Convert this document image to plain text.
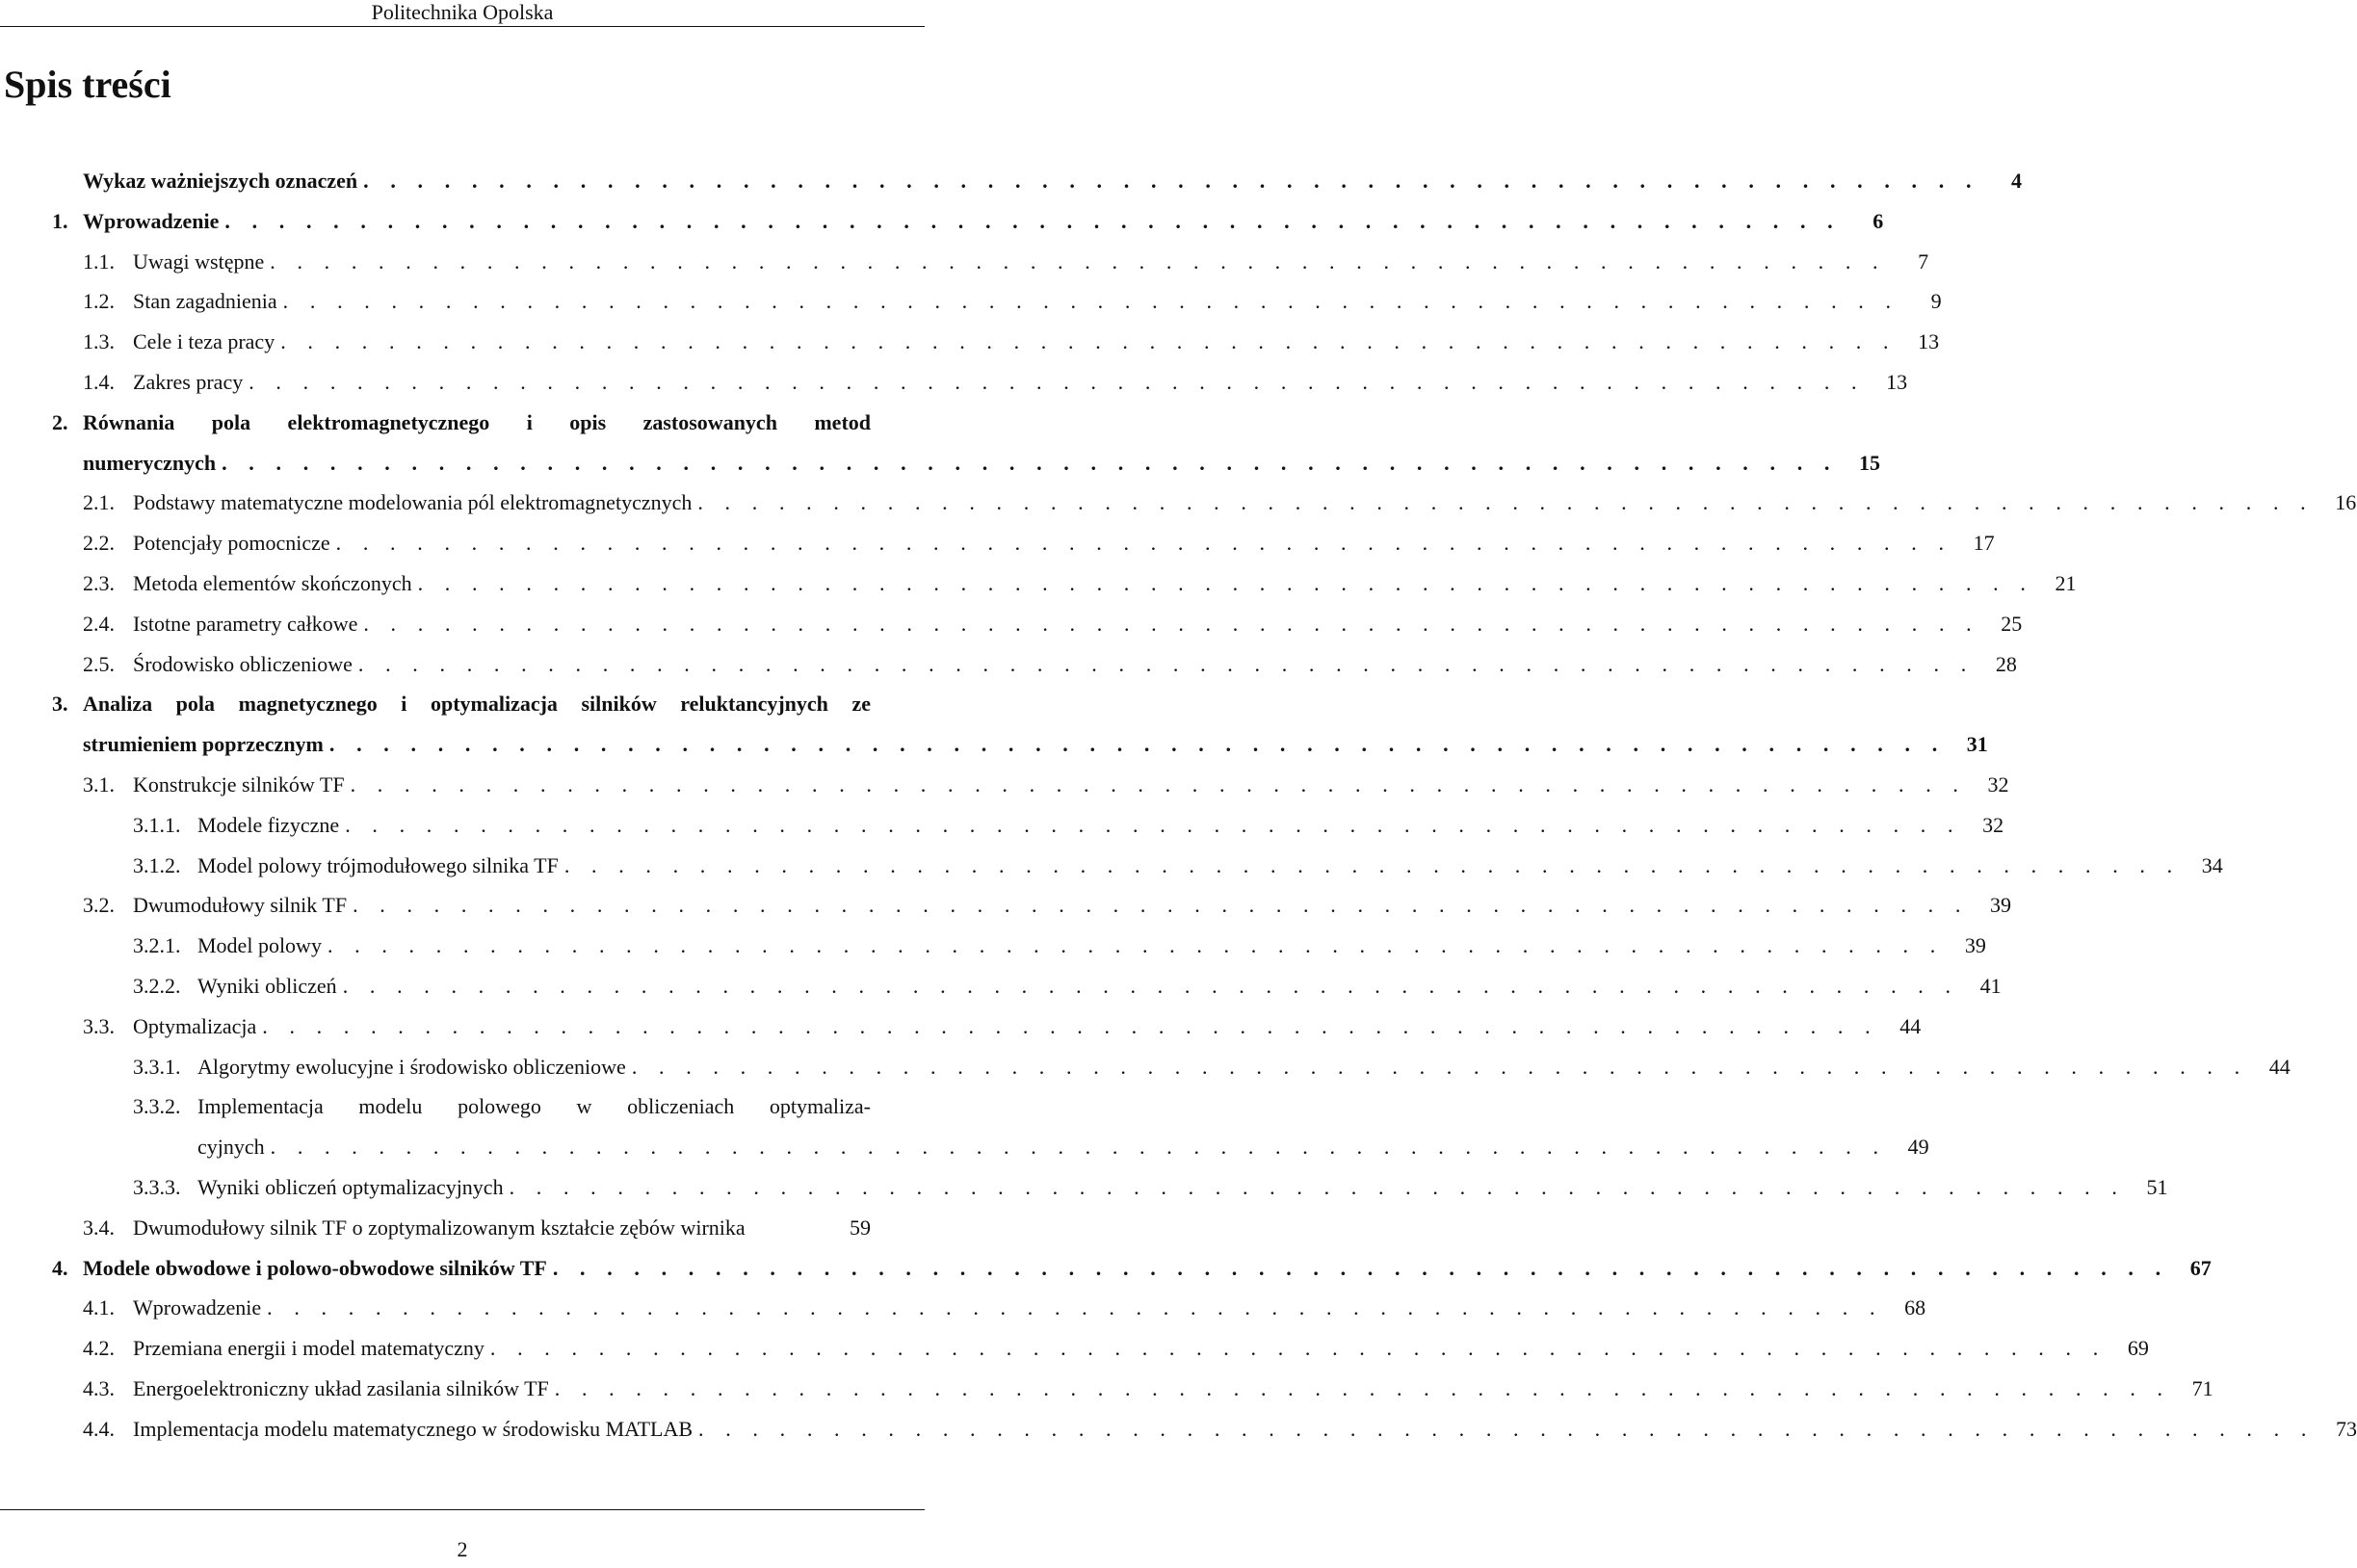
Politechnika Opolska
Spis treści
Wykaz ważniejszych oznaczeń . . . . . . . . . . . . . . . . . . . . . . . . . . . . . . . . . . . . . . . . . . . . . . . . . . . . . . . . . . . .	4
1. Wprowadzenie . . . . . . . . . . . . . . . . . . . . . . . . . . . . . . . . . . . . . . . . . . . . . . . . . . . . . . . . . . . .	6
1.1. Uwagi wstępne . . . . . . . . . . . . . . . . . . . . . . . . . . . . . . . . . . . . . . . . . . . . . . . . . . . . . . . . . . . .	7
1.2. Stan zagadnienia . . . . . . . . . . . . . . . . . . . . . . . . . . . . . . . . . . . . . . . . . . . . . . . . . . . . . . . . . . . .	9
1.3. Cele i teza pracy . . . . . . . . . . . . . . . . . . . . . . . . . . . . . . . . . . . . . . . . . . . . . . . . . . . . . . . . . . . .	13
1.4. Zakres pracy . . . . . . . . . . . . . . . . . . . . . . . . . . . . . . . . . . . . . . . . . . . . . . . . . . . . . . . . . . . .	13
2. Równania pola elektromagnetycznego i opis zastosowanych metod
numerycznych . . . . . . . . . . . . . . . . . . . . . . . . . . . . . . . . . . . . . . . . . . . . . . . . . . . . . . . . . . . .	15
2.1. Podstawy matematyczne modelowania pól elektromagnetycznych . . . . . . . . . . . . . . . . . . . . . . . . . . . . . . . . . . . . . . . . . . . . . . . . . . . . . . . . . . . .	16
2.2. Potencjały pomocnicze . . . . . . . . . . . . . . . . . . . . . . . . . . . . . . . . . . . . . . . . . . . . . . . . . . . . . . . . . . . .	17
2.3. Metoda elementów skończonych . . . . . . . . . . . . . . . . . . . . . . . . . . . . . . . . . . . . . . . . . . . . . . . . . . . . . . . . . . . .	21
2.4. Istotne parametry całkowe . . . . . . . . . . . . . . . . . . . . . . . . . . . . . . . . . . . . . . . . . . . . . . . . . . . . . . . . . . . .	25
2.5. Środowisko obliczeniowe . . . . . . . . . . . . . . . . . . . . . . . . . . . . . . . . . . . . . . . . . . . . . . . . . . . . . . . . . . . .	28
3. Analiza pola magnetycznego i optymalizacja silników reluktancyjnych ze
strumieniem poprzecznym . . . . . . . . . . . . . . . . . . . . . . . . . . . . . . . . . . . . . . . . . . . . . . . . . . . . . . . . . . . .	31
3.1. Konstrukcje silników TF . . . . . . . . . . . . . . . . . . . . . . . . . . . . . . . . . . . . . . . . . . . . . . . . . . . . . . . . . . . .	32
3.1.1. Modele fizyczne . . . . . . . . . . . . . . . . . . . . . . . . . . . . . . . . . . . . . . . . . . . . . . . . . . . . . . . . . . . .	32
3.1.2. Model polowy trójmodułowego silnika TF . . . . . . . . . . . . . . . . . . . . . . . . . . . . . . . . . . . . . . . . . . . . . . . . . . . . . . . . . . . .	34
3.2. Dwumodułowy silnik TF . . . . . . . . . . . . . . . . . . . . . . . . . . . . . . . . . . . . . . . . . . . . . . . . . . . . . . . . . . . .	39
3.2.1. Model polowy . . . . . . . . . . . . . . . . . . . . . . . . . . . . . . . . . . . . . . . . . . . . . . . . . . . . . . . . . . . .	39
3.2.2. Wyniki obliczeń . . . . . . . . . . . . . . . . . . . . . . . . . . . . . . . . . . . . . . . . . . . . . . . . . . . . . . . . . . . .	41
3.3. Optymalizacja . . . . . . . . . . . . . . . . . . . . . . . . . . . . . . . . . . . . . . . . . . . . . . . . . . . . . . . . . . . .	44
3.3.1. Algorytmy ewolucyjne i środowisko obliczeniowe . . . . . . . . . . . . . . . . . . . . . . . . . . . . . . . . . . . . . . . . . . . . . . . . . . . . . . . . . . . .	44
3.3.2. Implementacja modelu polowego w obliczeniach optymaliza-
cyjnych . . . . . . . . . . . . . . . . . . . . . . . . . . . . . . . . . . . . . . . . . . . . . . . . . . . . . . . . . . . .	49
3.3.3. Wyniki obliczeń optymalizacyjnych . . . . . . . . . . . . . . . . . . . . . . . . . . . . . . . . . . . . . . . . . . . . . . . . . . . . . . . . . . . .	51
3.4. Dwumodułowy silnik TF o zoptymalizowanym kształcie zębów wirnika	59
4. Modele obwodowe i polowo-obwodowe silników TF . . . . . . . . . . . . . . . . . . . . . . . . . . . . . . . . . . . . . . . . . . . . . . . . . . . . . . . . . . . .	67
4.1. Wprowadzenie . . . . . . . . . . . . . . . . . . . . . . . . . . . . . . . . . . . . . . . . . . . . . . . . . . . . . . . . . . . .	68
4.2. Przemiana energii i model matematyczny . . . . . . . . . . . . . . . . . . . . . . . . . . . . . . . . . . . . . . . . . . . . . . . . . . . . . . . . . . . .	69
4.3. Energoelektroniczny układ zasilania silników TF . . . . . . . . . . . . . . . . . . . . . . . . . . . . . . . . . . . . . . . . . . . . . . . . . . . . . . . . . . . .	71
4.4. Implementacja modelu matematycznego w środowisku MATLAB . . . . . . . . . . . . . . . . . . . . . . . . . . . . . . . . . . . . . . . . . . . . . . . . . . . . . . . . . . . .	73
2
